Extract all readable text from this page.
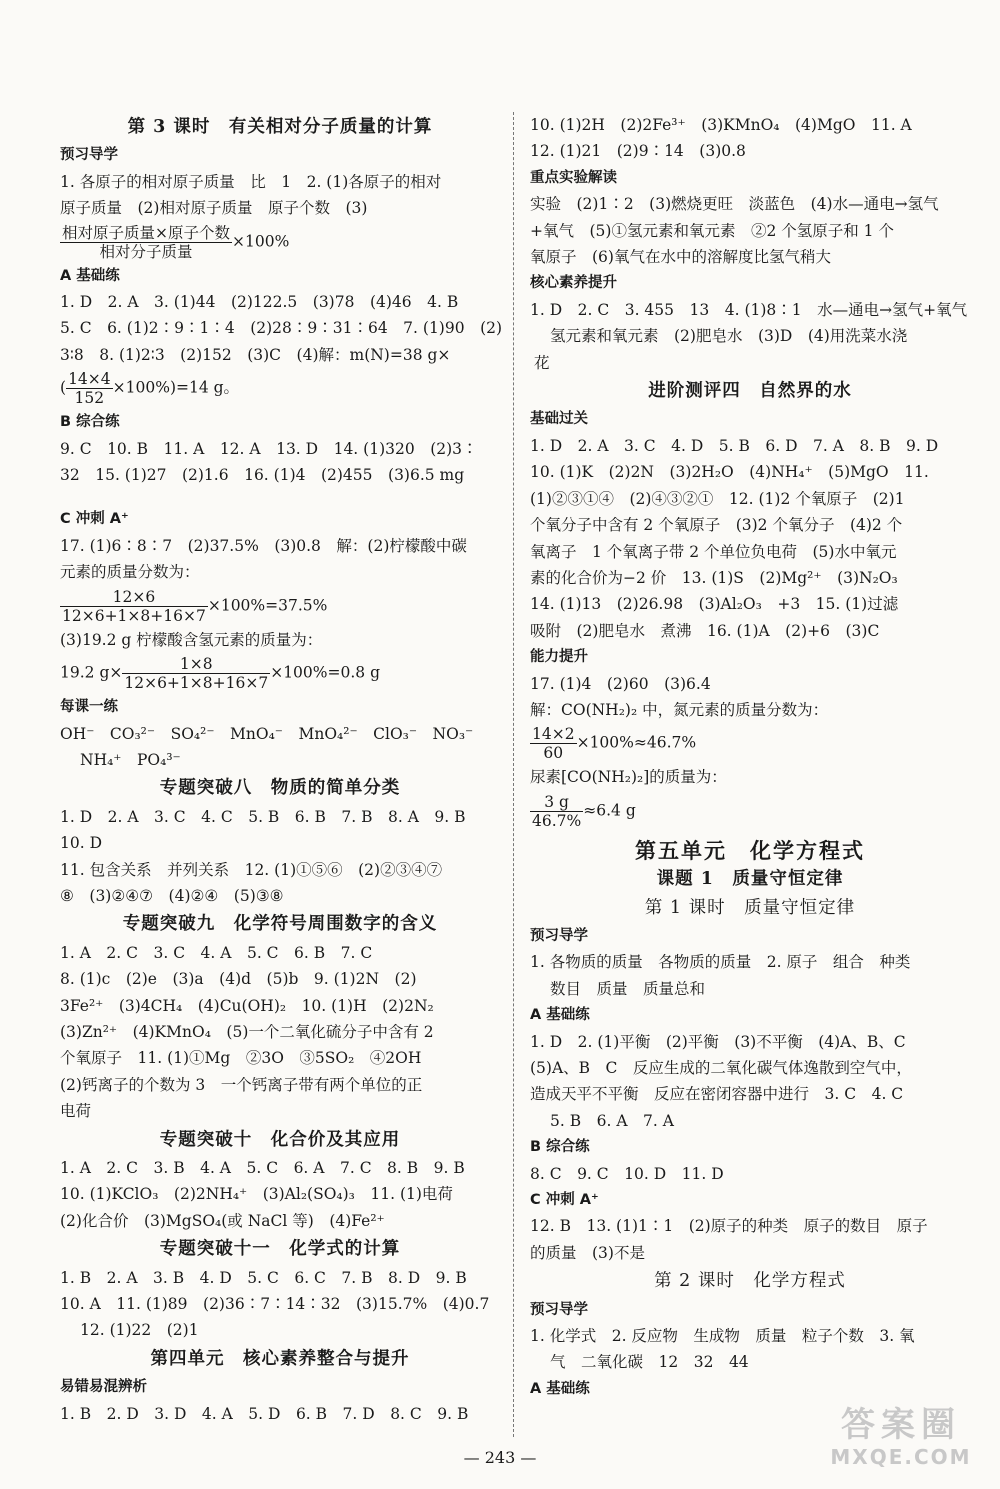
第 3 课时　有关相对分子质量的计算
预习导学
1. 各原子的相对原子质量　比　1　2. (1)各原子的相对
原子质量　(2)相对原子质量　原子个数　(3)
$\frac{\text{相对原子质量×原子个数}}{\text{相对分子质量}} \times 100\%$
A 基础练
1. D　2. A　3. (1)44　(2)122.5　(3)78　(4)46　4. B
5. C　6. (1)2∶9∶1∶4　(2)28∶9∶31∶64　7. (1)90　(2)
3∶8　8. (1)2∶3　(2)152　(3)C　(4)解：m(N)=38 g×
( $\frac{14\times 4}{152} \times 100\%)=14$ g。
B 综合练
9. C　10. B　11. A　12. A　13. D　14. (1)320　(2)3∶
32　15. (1)27　(2)1.6　16. (1)4　(2)455　(3)6.5 mg
C 冲刺 A⁺
17. (1)6∶8∶7　(2)37.5%　(3)0.8　解：(2)柠檬酸中碳
元素的质量分数为：
$\frac{12\times 6}{12\times 6+1\times 8+16\times 7} \times 100\%=37.5\%$
(3)19.2 g 柠檬酸含氢元素的质量为：
19.2 $g\times \frac{1\times 8}{12\times 6+1\times 8+16\times 7} \times 100\%=0.8$ g
每课一练
OH⁻　CO₃²⁻　SO₄²⁻　MnO₄⁻　MnO₄²⁻　ClO₃⁻　NO₃⁻
NH₄⁺　PO₄³⁻
专题突破八　物质的简单分类
1. D　2. A　3. C　4. C　5. B　6. B　7. B　8. A　9. B
10. D
11. 包含关系　并列关系　12. (1)①⑤⑥　(2)②③④⑦
⑧　(3)②④⑦　(4)②④　(5)③⑧
专题突破九　化学符号周围数字的含义
1. A　2. C　3. C　4. A　5. C　6. B　7. C
8. (1)c　(2)e　(3)a　(4)d　(5)b　9. (1)2N　(2)
3Fe²⁺　(3)4CH₄　(4)Cu(OH)₂　10. (1)H　(2)2N₂
(3)Zn²⁺　(4)KMnO₄　(5)一个二氧化硫分子中含有 2
个氧原子　11. (1)①Mg　②3O　③5SO₂　④2OH
(2)钙离子的个数为 3　一个钙离子带有两个单位的正
电荷
专题突破十　化合价及其应用
1. A　2. C　3. B　4. A　5. C　6. A　7. C　8. B　9. B
10. (1)KClO₃　(2)2NH₄⁺　(3)Al₂(SO₄)₃　11. (1)电荷
(2)化合价　(3)MgSO₄(或 NaCl 等)　(4)Fe²⁺
专题突破十一　化学式的计算
1. B　2. A　3. B　4. D　5. C　6. C　7. B　8. D　9. B
10. A　11. (1)89　(2)36∶7∶14∶32　(3)15.7%　(4)0.7
12. (1)22　(2)1
第四单元　核心素养整合与提升
易错易混辨析
1. B　2. D　3. D　4. A　5. D　6. B　7. D　8. C　9. B
10. (1)2H　(2)2Fe³⁺　(3)KMnO₄　(4)MgO　11. A
12. (1)21　(2)9∶14　(3)0.8
重点实验解读
实验　(2)1∶2　(3)燃烧更旺　淡蓝色　(4)水—通电→氢气
+氧气　(5)①氢元素和氧元素　②2 个氢原子和 1 个
氧原子　(6)氧气在水中的溶解度比氢气稍大
核心素养提升
1. D　2. C　3. 455　13　4. (1)8∶1　水—通电→氢气+氧气
氢元素和氧元素　(2)肥皂水　(3)D　(4)用洗菜水浇
花
进阶测评四　自然界的水
基础过关
1. D　2. A　3. C　4. D　5. B　6. D　7. A　8. B　9. D
10. (1)K　(2)2N　(3)2H₂O　(4)NH₄⁺　(5)MgO　11.
(1)②③①④　(2)④③②①　12. (1)2 个氧原子　(2)1
个氧分子中含有 2 个氧原子　(3)2 个氧分子　(4)2 个
氧离子　1 个氧离子带 2 个单位负电荷　(5)水中氧元
素的化合价为−2 价　13. (1)S　(2)Mg²⁺　(3)N₂O₃
14. (1)13　(2)26.98　(3)Al₂O₃　+3　15. (1)过滤
吸附　(2)肥皂水　煮沸　16. (1)A　(2)+6　(3)C
能力提升
17. (1)4　(2)60　(3)6.4
解：CO(NH₂)₂ 中，氮元素的质量分数为：
$\frac{14\times 2}{60} \times 100\%\approx 46.7\%$
尿素[CO(NH₂)₂]的质量为：
$\frac{3 g}{46.7\%} \approx 6.4$ g
第五单元　化学方程式
课题 1　质量守恒定律
第 1 课时　质量守恒定律
预习导学
1. 各物质的质量　各物质的质量　2. 原子　组合　种类
数目　质量　质量总和
A 基础练
1. D　2. (1)平衡　(2)平衡　(3)不平衡　(4)A、B、C
(5)A、B　C　反应生成的二氧化碳气体逸散到空气中，
造成天平不平衡　反应在密闭容器中进行　3. C　4. C
5. B　6. A　7. A
B 综合练
8. C　9. C　10. D　11. D
C 冲刺 A⁺
12. B　13. (1)1∶1　(2)原子的种类　原子的数目　原子
的质量　(3)不是
第 2 课时　化学方程式
预习导学
1. 化学式　2. 反应物　生成物　质量　粒子个数　3. 氧
气　二氧化碳　12　32　44
A 基础练
— 243 —
答案圈
MXQE.COM
